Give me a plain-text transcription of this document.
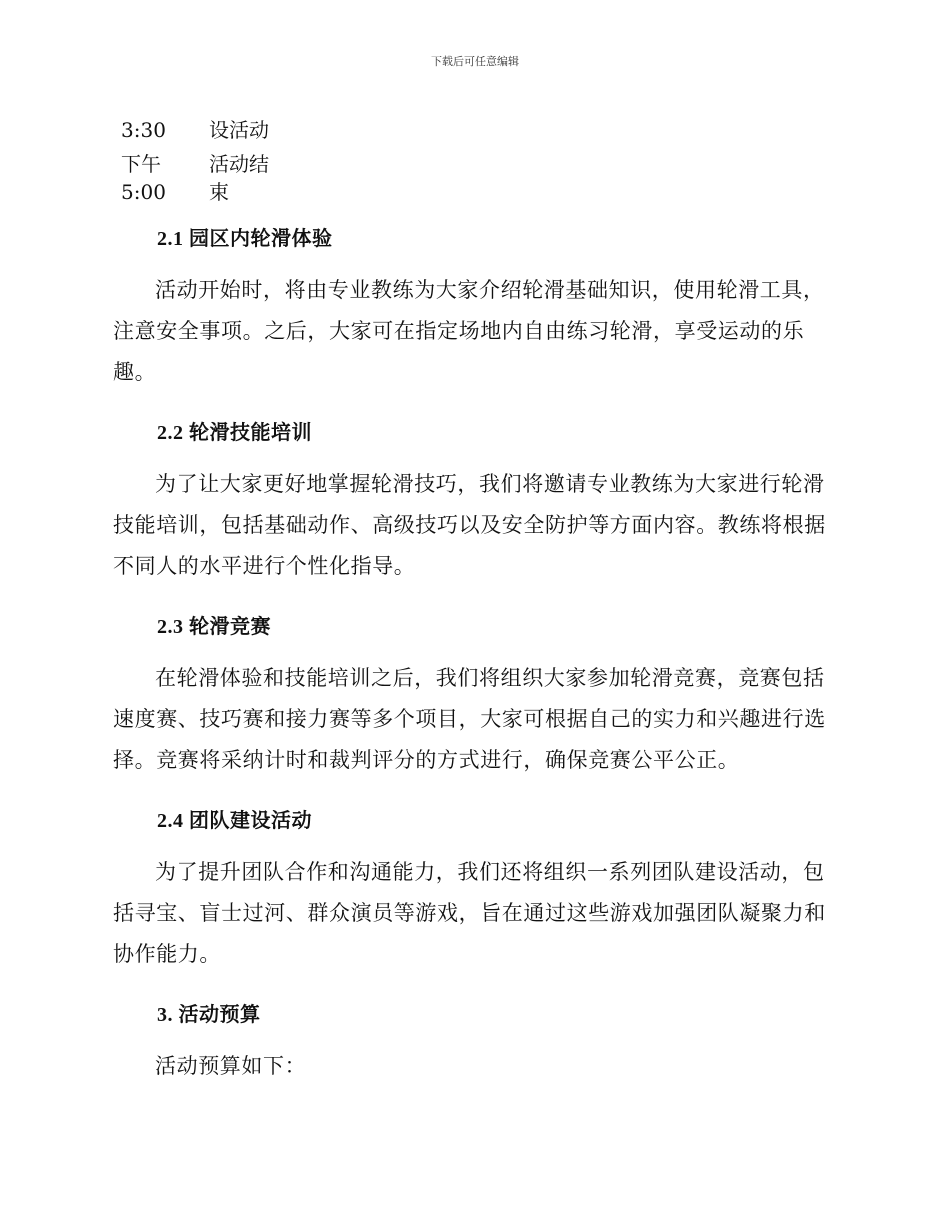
下载后可任意编辑
3:30	设活动
下午
5:00
活动结
束
2.1 园区内轮滑体验
活动开始时，将由专业教练为大家介绍轮滑基础知识，使用轮滑工具，注意安全事项。之后，大家可在指定场地内自由练习轮滑，享受运动的乐趣。
2.2 轮滑技能培训
为了让大家更好地掌握轮滑技巧，我们将邀请专业教练为大家进行轮滑技能培训，包括基础动作、高级技巧以及安全防护等方面内容。教练将根据不同人的水平进行个性化指导。
2.3 轮滑竞赛
在轮滑体验和技能培训之后，我们将组织大家参加轮滑竞赛，竞赛包括速度赛、技巧赛和接力赛等多个项目，大家可根据自己的实力和兴趣进行选择。竞赛将采纳计时和裁判评分的方式进行，确保竞赛公平公正。
2.4 团队建设活动
为了提升团队合作和沟通能力，我们还将组织一系列团队建设活动，包括寻宝、盲士过河、群众演员等游戏，旨在通过这些游戏加强团队凝聚力和协作能力。
3. 活动预算
活动预算如下：
